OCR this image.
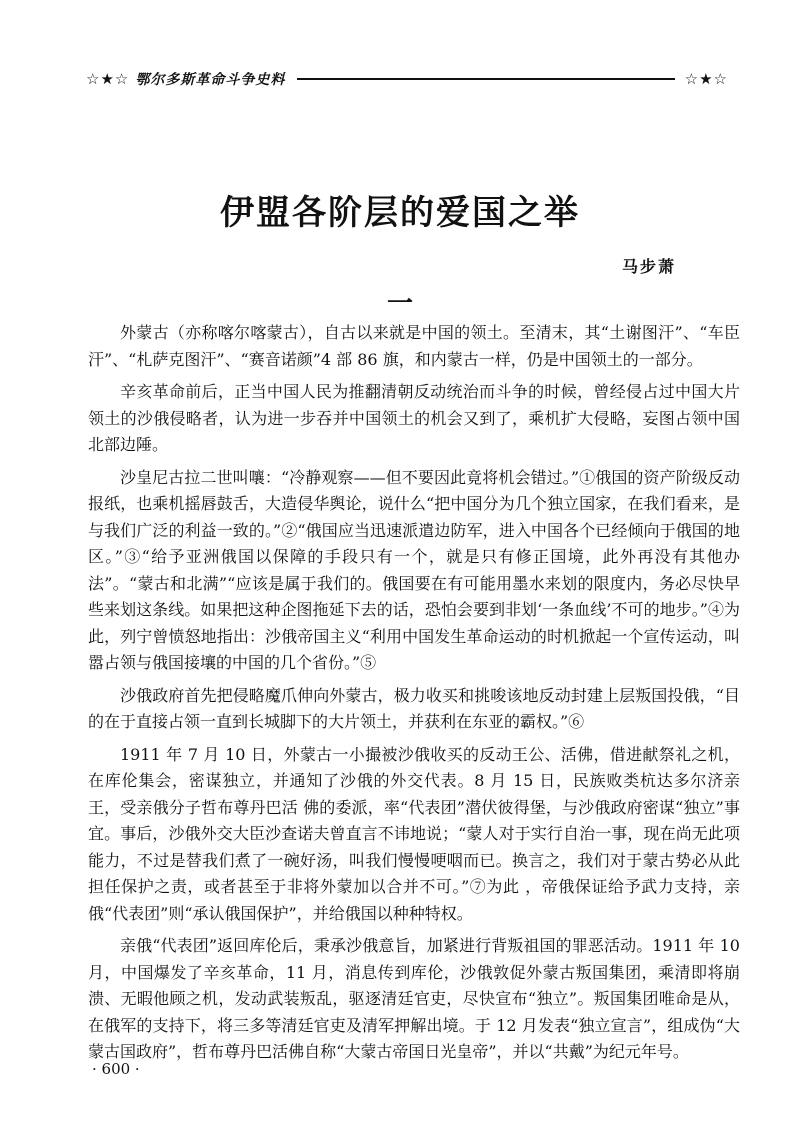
☆★☆ 鄂尔多斯革命斗争史料	☆★☆
伊盟各阶层的爱国之举
马步萧
一

外蒙古（亦称喀尔喀蒙古），自古以来就是中国的领土。至清末，其“土谢图汗”、“车臣汗”、“札萨克图汗”、“赛音诺颜”4 部 86 旗，和内蒙古一样，仍是中国领土的一部分。

辛亥革命前后，正当中国人民为推翻清朝反动统治而斗争的时候，曾经侵占过中国大片领土的沙俄侵略者，认为进一步吞并中国领土的机会又到了，乘机扩大侵略，妄图占领中国北部边陲。

沙皇尼古拉二世叫嚷：“冷静观察——但不要因此竟将机会错过。”①俄国的资产阶级反动报纸，也乘机摇唇鼓舌，大造侵华舆论，说什么“把中国分为几个独立国家，在我们看来，是与我们广泛的利益一致的。”②“俄国应当迅速派遣边防军，进入中国各个已经倾向于俄国的地区。”③“给予亚洲俄国以保障的手段只有一个，就是只有修正国境，此外再没有其他办法”。“蒙古和北满”“应该是属于我们的。俄国要在有可能用墨水来划的限度内，务必尽快早些来划这条线。如果把这种企图拖延下去的话，恐怕会要到非划‘一条血线’不可的地步。”④为此，列宁曾愤怒地指出：沙俄帝国主义“利用中国发生革命运动的时机掀起一个宣传运动，叫嚣占领与俄国接壤的中国的几个省份。”⑤

沙俄政府首先把侵略魔爪伸向外蒙古，极力收买和挑唆该地反动封建上层叛国投俄，“目的在于直接占领一直到长城脚下的大片领土，并获利在东亚的霸权。”⑥

1911 年 7 月 10 日，外蒙古一小撮被沙俄收买的反动王公、活佛，借进献祭礼之机，在库伦集会，密谋独立，并通知了沙俄的外交代表。8 月 15 日，民族败类杭达多尔济亲王，受亲俄分子哲布尊丹巴活 佛的委派，率“代表团”潜伏彼得堡，与沙俄政府密谋“独立”事宜。事后，沙俄外交大臣沙查诺夫曾直言不讳地说；“蒙人对于实行自治一事，现在尚无此项能力，不过是替我们煮了一碗好汤，叫我们慢慢哽咽而已。换言之，我们对于蒙古势必从此担任保护之责，或者甚至于非将外蒙加以合并不可。”⑦为此 ，帝俄保证给予武力支持，亲俄“代表团”则“承认俄国保护”，并给俄国以种种特权。

亲俄“代表团”返回库伦后，秉承沙俄意旨，加紧进行背叛祖国的罪恶活动。1911 年 10 月，中国爆发了辛亥革命，11 月，消息传到库伦，沙俄敦促外蒙古叛国集团，乘清即将崩溃、无暇他顾之机，发动武装叛乱，驱逐清廷官吏，尽快宣布“独立”。叛国集团唯命是从，在俄军的支持下，将三多等清廷官吏及清军押解出境。于 12 月发表“独立宣言”，组成伪“大蒙古国政府”，哲布尊丹巴活佛自称“大蒙古帝国日光皇帝”，并以“共戴”为纪元年号。

· 600 ·
